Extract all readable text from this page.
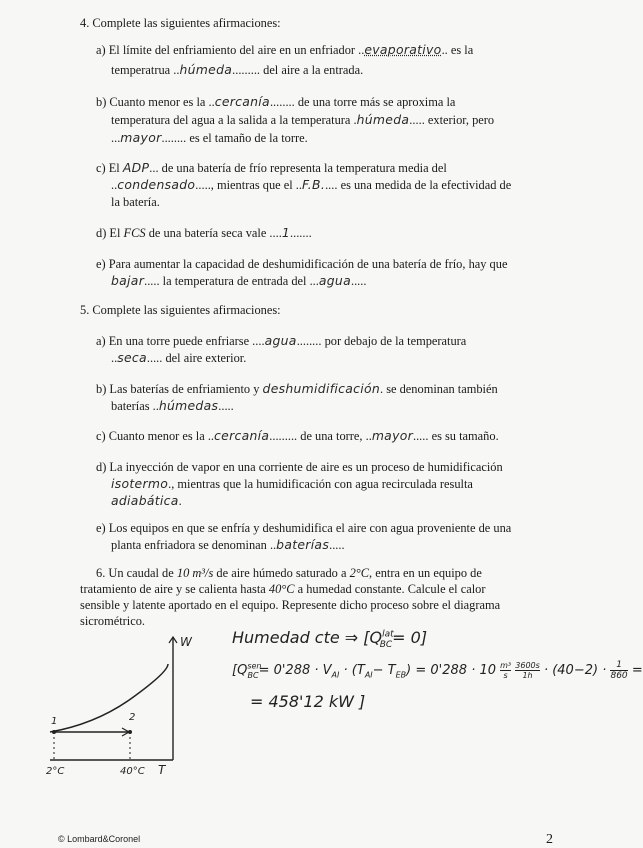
4. Complete las siguientes afirmaciones:
a) El límite del enfriamiento del aire en un enfriador ..evaporativo.. es la
temperatrua ..húmeda......... del aire a la entrada.
b) Cuanto menor es la ..cercanía........ de una torre más se aproxima la
temperatura del agua a la salida a la temperatura .húmeda..... exterior, pero
...mayor........ es el tamaño de la torre.
c) El ADP... de una batería de frío representa la temperatura media del
..condensado....., mientras que el ..F.B..... es una medida de la efectividad de
la batería.
d) El FCS de una batería seca vale ....1.......
e) Para aumentar la capacidad de deshumidificación de una batería de frío, hay que
bajar..... la temperatura de entrada del ...agua.....
5. Complete las siguientes afirmaciones:
a) En una torre puede enfriarse ....agua........ por debajo de la temperatura
..seca..... del aire exterior.
b) Las baterías de enfriamiento y deshumidificación. se denominan también
baterías ..húmedas.....
c) Cuanto menor es la ..cercanía......... de una torre, ..mayor..... es su tamaño.
d) La inyección de vapor en una corriente de aire es un proceso de humidificación
isotermo., mientras que la humidificación con agua recirculada resulta
adiabática.
e) Los equipos en que se enfría y deshumidifica el aire con agua proveniente de una
planta enfriadora se denominan ..baterías.....
6. Un caudal de 10 m³/s de aire húmedo saturado a 2°C, entra en un equipo de
tratamiento de aire y se calienta hasta 40°C a humedad constante. Calcule el calor
sensible y latente aportado en el equipo. Represente dicho proceso sobre el diagrama
sicrométrico.
Humedad cte ⇒ $[Q^{lat}_{BC}= 0]$
[$Q^{sen}_{BC}= 0'288 \cdot V_{AI} \cdot (T_{AI}- T_{EB}) = 0'288 \cdot 10 \frac{\text{m³}}{s}$
$\frac{3600s}{1h} \cdot (40-2) \cdot \frac{1}{860}$ =
= 458'12 kW ]
W
T
1	2
2°C	40°C
© Lombard&Coronel	2
